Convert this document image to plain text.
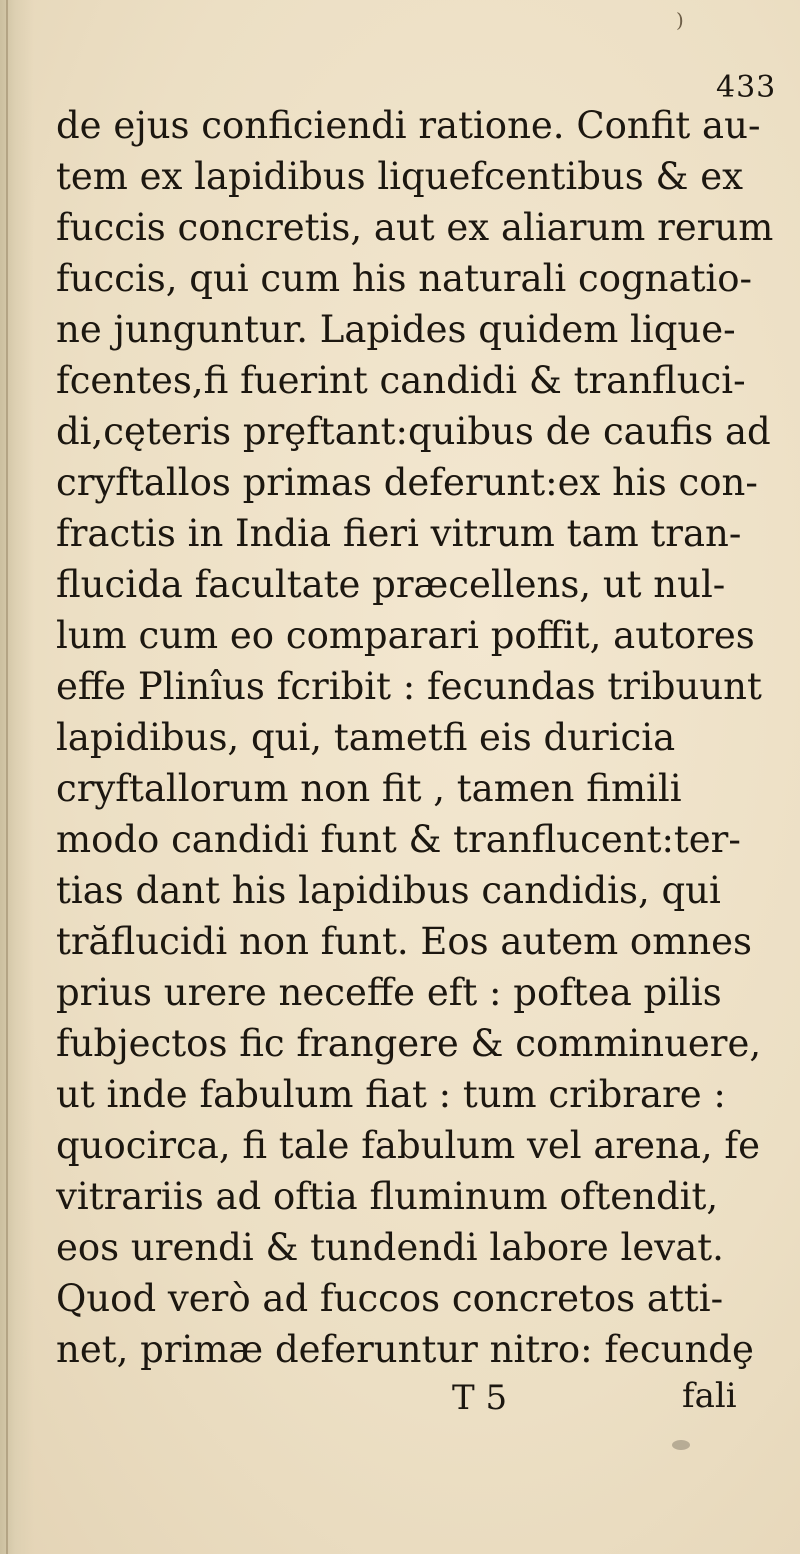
)
433
de ejus conficiendi ratione. Confit au-
tem ex lapidibus liquefcentibus & ex
fuccis concretis, aut ex aliarum rerum
fuccis, qui cum his naturali cognatio-
ne junguntur. Lapides quidem lique-
fcentes,fi fuerint candidi & tranfluci-
di,cęteris prȩftant:quibus de caufis ad
cryftallos primas deferunt:ex his con-
fractis in India fieri vitrum tam tran-
flucida facultate præcellens, ut nul-
lum cum eo comparari poffit, autores
effe Plinîus fcribit : fecundas tribuunt
lapidibus, qui, tametfi eis duricia
cryftallorum non fit , tamen fimili
modo candidi funt & tranflucent:ter-
tias dant his lapidibus candidis, qui
trăflucidi non funt. Eos autem omnes
prius urere neceffe eft : poftea pilis
fubjectos fic frangere & comminuere,
ut inde fabulum fiat : tum cribrare :
quocirca, fi tale fabulum vel arena, fe
vitrariis ad oftia fluminum oftendit,
eos urendi & tundendi labore levat.
Quod verò ad fuccos concretos atti-
net, primæ deferuntur nitro: fecundȩ
T 5	fali
